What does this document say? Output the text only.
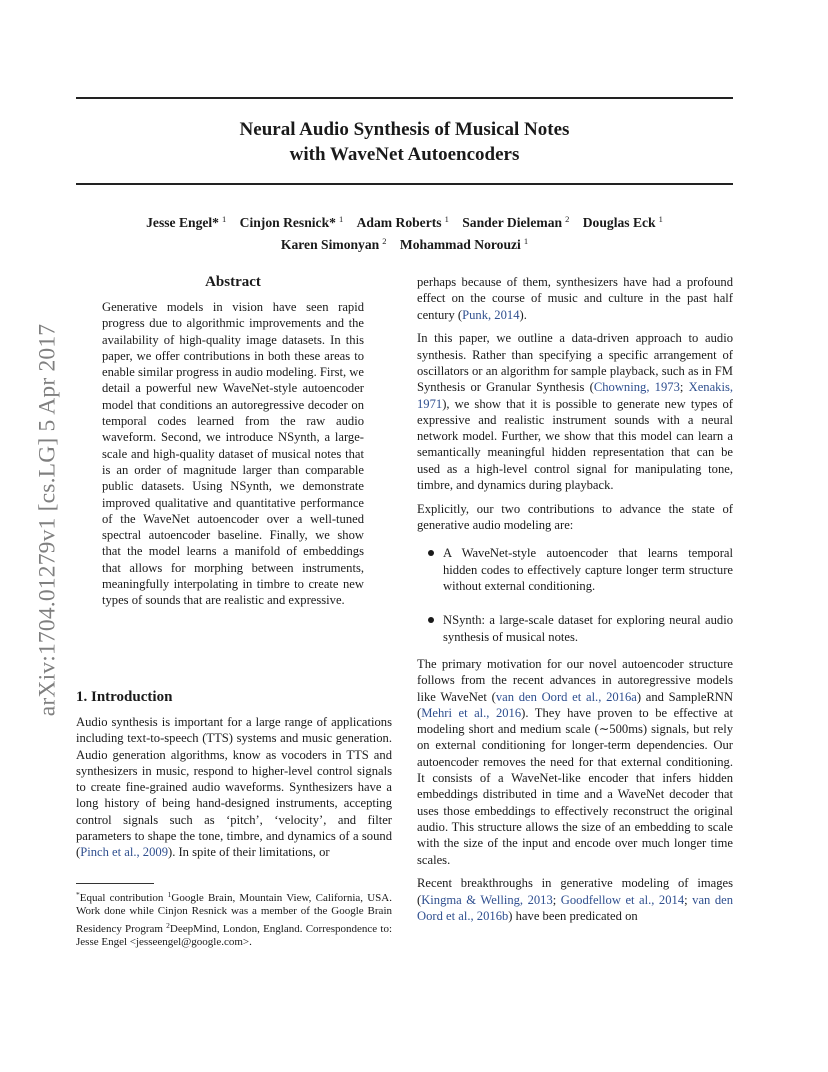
Neural Audio Synthesis of Musical Notes
with WaveNet Autoencoders
Jesse Engel* $^1$ Cinjon Resnick* $^1$ Adam Roberts $^1$ Sander Dieleman $^2$ Douglas Eck $^1$
Karen Simonyan $^2$ Mohammad Norouzi $^1$
arXiv:1704.01279v1 [cs.LG] 5 Apr 2017
Abstract
Generative models in vision have seen rapid progress due to algorithmic improvements and the availability of high-quality image datasets. In this paper, we offer contributions in both these areas to enable similar progress in audio modeling. First, we detail a powerful new WaveNet-style autoencoder model that conditions an autoregressive decoder on temporal codes learned from the raw audio waveform. Second, we introduce NSynth, a large-scale and high-quality dataset of musical notes that is an order of magnitude larger than comparable public datasets. Using NSynth, we demonstrate improved qualitative and quantitative performance of the WaveNet autoencoder over a well-tuned spectral autoencoder baseline. Finally, we show that the model learns a manifold of embeddings that allows for morphing between instruments, meaningfully interpolating in timbre to create new types of sounds that are realistic and expressive.
1. Introduction
Audio synthesis is important for a large range of applications including text-to-speech (TTS) systems and music generation. Audio generation algorithms, know as vocoders in TTS and synthesizers in music, respond to higher-level control signals to create fine-grained audio waveforms. Synthesizers have a long history of being hand-designed instruments, accepting control signals such as ‘pitch’, ‘velocity’, and filter parameters to shape the tone, timbre, and dynamics of a sound (Pinch et al., 2009). In spite of their limitations, or
*Equal contribution $^1$Google Brain, Mountain View, California, USA. Work done while Cinjon Resnick was a member of the Google Brain Residency Program $^2$DeepMind, London, England. Correspondence to: Jesse Engel <jesseengel@google.com>.

perhaps because of them, synthesizers have had a profound effect on the course of music and culture in the past half century (Punk, 2014).

In this paper, we outline a data-driven approach to audio synthesis. Rather than specifying a specific arrangement of oscillators or an algorithm for sample playback, such as in FM Synthesis or Granular Synthesis (Chowning, 1973; Xenakis, 1971), we show that it is possible to generate new types of expressive and realistic instrument sounds with a neural network model. Further, we show that this model can learn a semantically meaningful hidden representation that can be used as a high-level control signal for manipulating tone, timbre, and dynamics during playback.

Explicitly, our two contributions to advance the state of generative audio modeling are:

A WaveNet-style autoencoder that learns temporal hidden codes to effectively capture longer term structure without external conditioning.
NSynth: a large-scale dataset for exploring neural audio synthesis of musical notes.

The primary motivation for our novel autoencoder structure follows from the recent advances in autoregressive models like WaveNet (van den Oord et al., 2016a) and SampleRNN (Mehri et al., 2016). They have proven to be effective at modeling short and medium scale (∼500ms) signals, but rely on external conditioning for longer-term dependencies. Our autoencoder removes the need for that external conditioning. It consists of a WaveNet-like encoder that infers hidden embeddings distributed in time and a WaveNet decoder that uses those embeddings to effectively reconstruct the original audio. This structure allows the size of an embedding to scale with the size of the input and encode over much longer time scales.

Recent breakthroughs in generative modeling of images (Kingma & Welling, 2013; Goodfellow et al., 2014; van den Oord et al., 2016b) have been predicated on
